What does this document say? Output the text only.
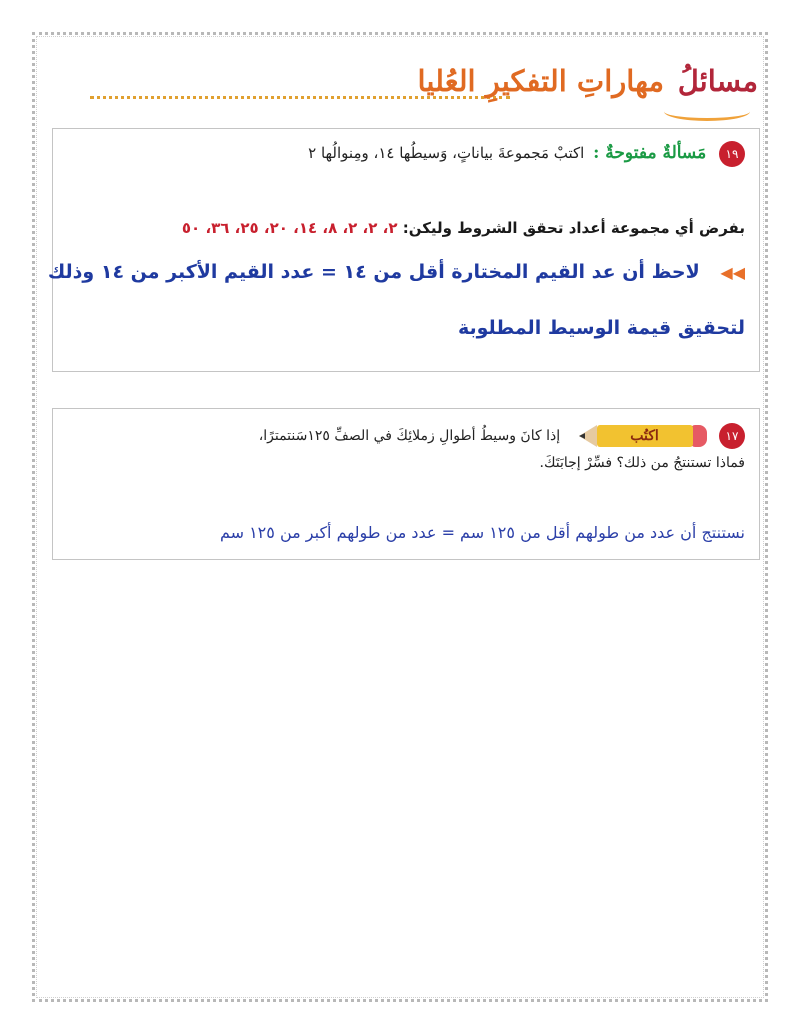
مهاراتِ التفكيرِ العُليا مسائلُ
١٩ مَسألةٌ مفتوحةٌ : اكتبْ مَجموعةَ بياناتٍ، وَسيطُها ١٤، ومِنوالُها ٢
بفرض أي مجموعة أعداد تحقق الشروط وليكن: ٢، ٢، ٢، ٨، ١٤، ٢٠، ٢٥، ٣٦، ٥٠
◀◀ لاحظ أن عد القيم المختارة أقل من ١٤ = عدد القيم الأكبر من ١٤ وذلك
لتحقيق قيمة الوسيط المطلوبة
١٧
اكتُب
إذا كانَ وسيطُ أطوالِ زملائِكَ في الصفِّ ١٢٥سَنتمترًا،
فماذا تستنتجُ من ذلك؟ فسِّرْ إجابَتَكَ.
نستنتج أن عدد من طولهم أقل من ١٢٥ سم = عدد من طولهم أكبر من ١٢٥ سم
